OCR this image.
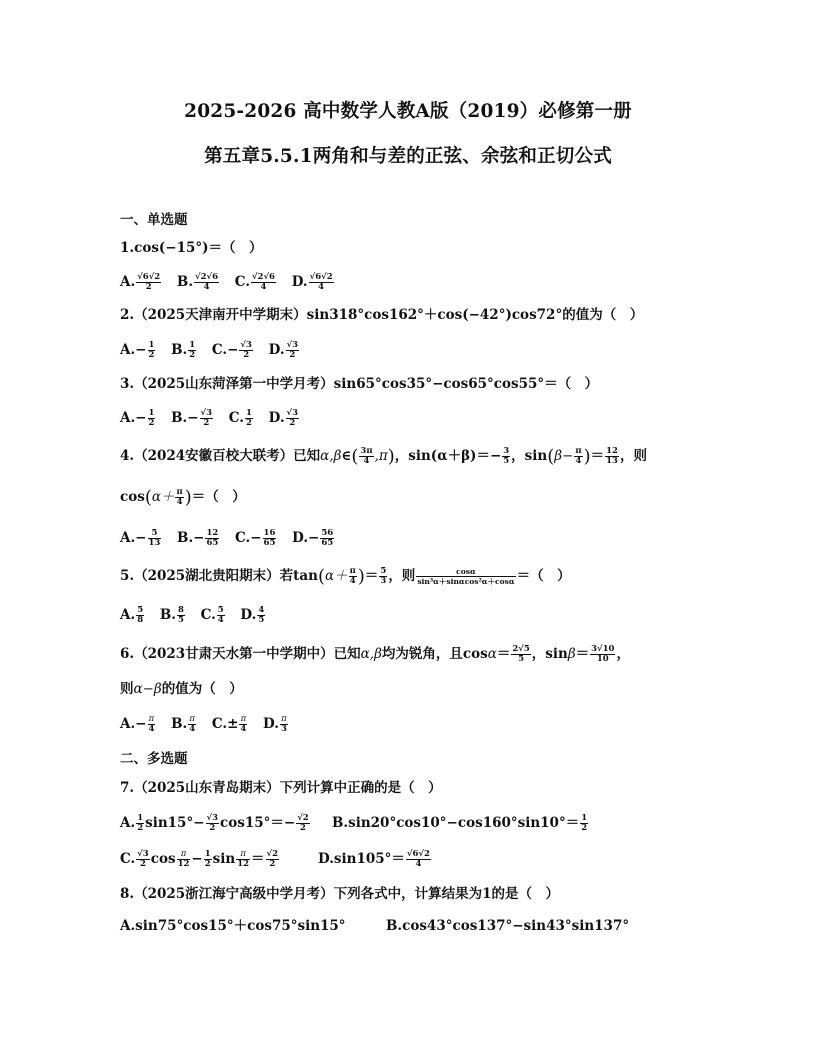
2025-2026 高中数学人教A版（2019）必修第一册
第五章5.5.1两角和与差的正弦、余弦和正切公式
一、单选题
1.cos(−15°)＝（　）
A. $\frac{√6√2}{2} B$. $\frac{√2√6}{4} C$. $\frac{√2√6}{4} D$. $\frac{√6√2}{4}$
2.（2025天津南开中学期末）sin318°cos162°＋cos(−42°)cos72°的值为（　）
$A.- \frac{1}{2} B$. $\frac{1}{2} C.- \frac{√3}{2} D$. $\frac{√3}{2}$
3.（2025山东菏泽第一中学月考）sin65°cos35°−cos65°cos55°＝（　）
$A.- \frac{1}{2} B.- \frac{√3}{2} C$. $\frac{1}{2} D$. $\frac{√3}{2}$
4.（2024安徽百校大联考）已知α,β∈( $\frac{3\pi}{4} ,\pi$)，$\sin(\alpha+\beta)=- \frac{3}{5}$ ，$\sin(\beta- \frac{\pi}{4}$ )＝ $\frac{12}{13}$ ，则
$\cos(\alpha+ \frac{\pi}{4}$ )＝（　）
$A.- \frac{5}{13} B.- \frac{12}{65} C.- \frac{16}{65} D.- \frac{56}{65}$
5.（2025湖北贵阳期末）若$\tan(\alpha+ \frac{\pi}{4}$ )＝ $\frac{5}{3}$ ，则 $\frac{\cos\alpha}{\text{sin³α＋sinαcos²α＋cosα}}$ ＝（　）
A. $\frac{5}{8} B$. $\frac{8}{5} C$. $\frac{5}{4} D$. $\frac{4}{5}$
6.（2023甘肃天水第一中学期中）已知α,β均为锐角，且$\cos\alpha= \frac{2√5}{5}$ ，$\sin\beta= \frac{3√10}{10}$ ，
则α−β的值为（　）
$A.- \frac{\pi}{4} B$. $\frac{\pi}{4} C.\pm \frac{\pi}{4} D$. $\frac{\pi}{3}$
二、多选题
7.（2025山东青岛期末）下列计算中正确的是（　）
A. $\frac{1}{2} \sin 15^\circ- \frac{√3}{2} \cos 15^\circ=- \frac{√2}{2} B.\sin 20^\circ\cos 10^\circ-\cos 160^\circ\sin 10^\circ= \frac{1}{2}$
C. $\frac{√3}{2}$ $\cos \frac{\pi}{12} - \frac{1}{2}$ $\sin \frac{\pi}{12} = \frac{√2}{2}$	$D.\sin 105^\circ= \frac{√6√2}{4}$
8.（2025浙江海宁高级中学月考）下列各式中，计算结果为1的是（　）
A.sin75°cos15°＋cos75°sin15°	B.cos43°cos137°−sin43°sin137°
